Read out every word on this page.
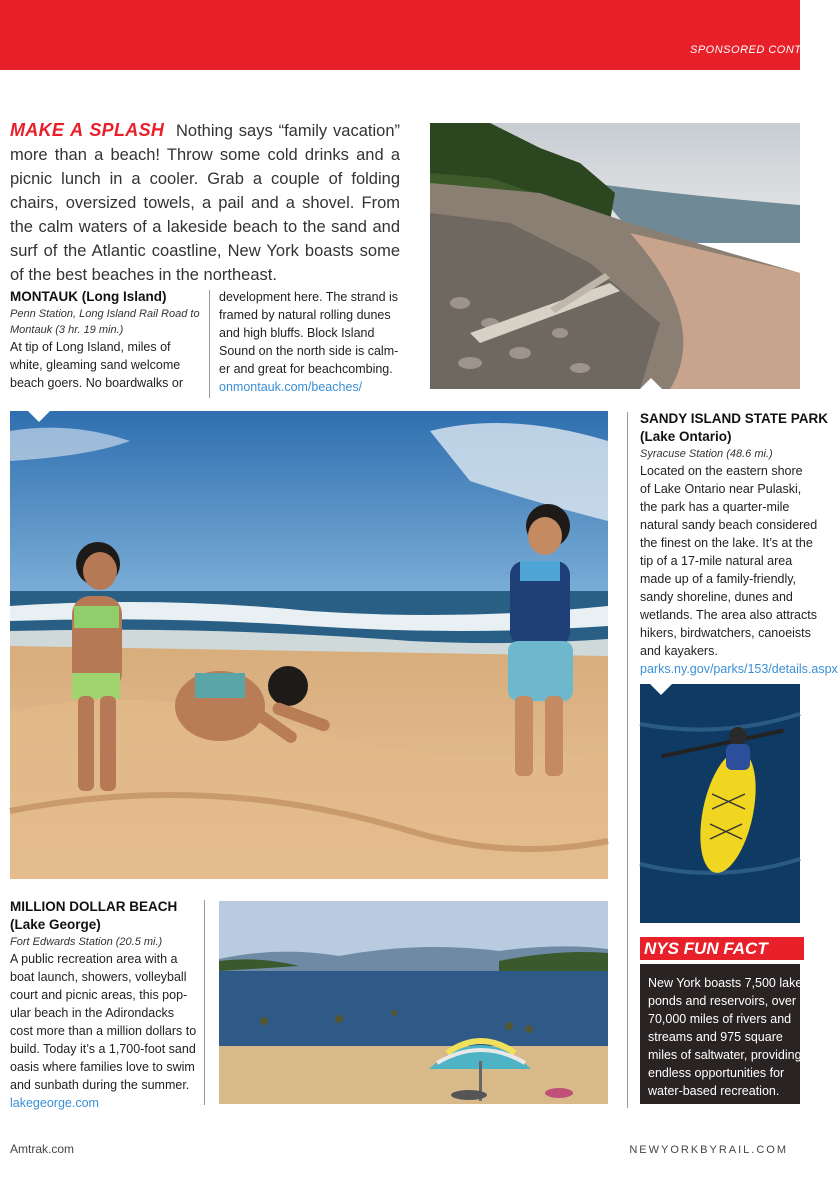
SPONSORED CONTENT
MAKE A SPLASH Nothing says “family vacation” more than a beach! Throw some cold drinks and a picnic lunch in a cooler. Grab a couple of folding chairs, oversized towels, a pail and a shovel. From the calm waters of a lakeside beach to the sand and surf of the Atlantic coastline, New York boasts some of the best beaches in the northeast.
MONTAUK (Long Island)
Penn Station, Long Island Rail Road to Montauk (3 hr. 19 min.)
At tip of Long Island, miles of white, gleaming sand welcome beach goers. No boardwalks or
development here. The strand is framed by natural rolling dunes and high bluffs. Block Island Sound on the north side is calm- er and great for beachcombing.
onmontauk.com/beaches/
SANDY ISLAND STATE PARK
(Lake Ontario)
Syracuse Station (48.6 mi.)
Located on the eastern shore
of Lake Ontario near Pulaski,
the park has a quarter-mile
natural sandy beach considered
the finest on the lake. It’s at the
tip of a 17-mile natural area
made up of a family-friendly,
sandy shoreline, dunes and
wetlands. The area also attracts
hikers, birdwatchers, canoeists
and kayakers.
parks.ny.gov/parks/153/details.aspx
NYS FUN FACT
New York boasts 7,500 lakes,
ponds and reservoirs, over
70,000 miles of rivers and
streams and 975 square
miles of saltwater, providing
endless opportunities for
water-based recreation.
MILLION DOLLAR BEACH
(Lake George)
Fort Edwards Station (20.5 mi.)
A public recreation area with a boat launch, showers, volleyball court and picnic areas, this pop- ular beach in the Adirondacks cost more than a million dollars to build. Today it’s a 1,700-foot sand oasis where families love to swim and sunbath during the summer. lakegeorge.com
Amtrak.com	NEWYORKBYRAIL.COM
